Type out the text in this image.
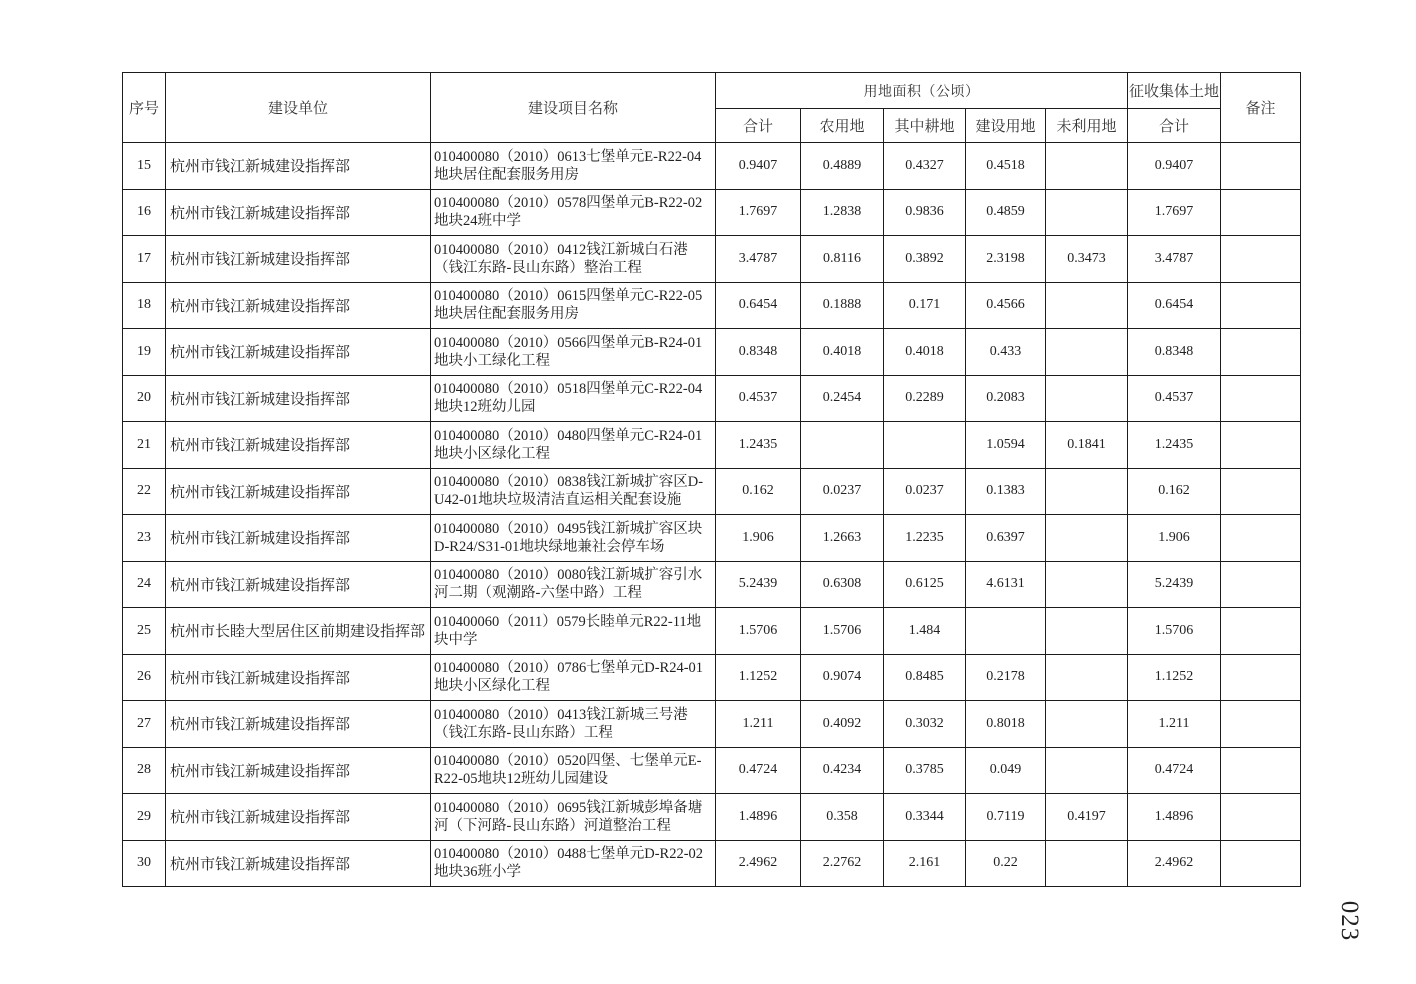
序号	建设单位	建设项目名称	用地面积（公顷）					征收集体土地	备注
			合计	农用地	其中耕地	建设用地	未利用地	合计	
15	杭州市钱江新城建设指挥部	010400080（2010）0613七堡单元E-R22-04地块居住配套服务用房	0.9407	0.4889	0.4327	0.4518		0.9407	
16	杭州市钱江新城建设指挥部	010400080（2010）0578四堡单元B-R22-02地块24班中学	1.7697	1.2838	0.9836	0.4859		1.7697	
17	杭州市钱江新城建设指挥部	010400080（2010）0412钱江新城白石港（钱江东路-艮山东路）整治工程	3.4787	0.8116	0.3892	2.3198	0.3473	3.4787	
18	杭州市钱江新城建设指挥部	010400080（2010）0615四堡单元C-R22-05地块居住配套服务用房	0.6454	0.1888	0.171	0.4566		0.6454	
19	杭州市钱江新城建设指挥部	010400080（2010）0566四堡单元B-R24-01地块小工绿化工程	0.8348	0.4018	0.4018	0.433		0.8348	
20	杭州市钱江新城建设指挥部	010400080（2010）0518四堡单元C-R22-04地块12班幼儿园	0.4537	0.2454	0.2289	0.2083		0.4537	
21	杭州市钱江新城建设指挥部	010400080（2010）0480四堡单元C-R24-01地块小区绿化工程	1.2435			1.0594	0.1841	1.2435	
22	杭州市钱江新城建设指挥部	010400080（2010）0838钱江新城扩容区D-U42-01地块垃圾清洁直运相关配套设施	0.162	0.0237	0.0237	0.1383		0.162	
23	杭州市钱江新城建设指挥部	010400080（2010）0495钱江新城扩容区块D-R24/S31-01地块绿地兼社会停车场	1.906	1.2663	1.2235	0.6397		1.906	
24	杭州市钱江新城建设指挥部	010400080（2010）0080钱江新城扩容引水河二期（观潮路-六堡中路）工程	5.2439	0.6308	0.6125	4.6131		5.2439	
25	杭州市长睦大型居住区前期建设指挥部	010400060（2011）0579长睦单元R22-11地块中学	1.5706	1.5706	1.484			1.5706	
26	杭州市钱江新城建设指挥部	010400080（2010）0786七堡单元D-R24-01地块小区绿化工程	1.1252	0.9074	0.8485	0.2178		1.1252	
27	杭州市钱江新城建设指挥部	010400080（2010）0413钱江新城三号港（钱江东路-艮山东路）工程	1.211	0.4092	0.3032	0.8018		1.211	
28	杭州市钱江新城建设指挥部	010400080（2010）0520四堡、七堡单元E-R22-05地块12班幼儿园建设	0.4724	0.4234	0.3785	0.049		0.4724	
29	杭州市钱江新城建设指挥部	010400080（2010）0695钱江新城彭埠备塘河（下河路-艮山东路）河道整治工程	1.4896	0.358	0.3344	0.7119	0.4197	1.4896	
30	杭州市钱江新城建设指挥部	010400080（2010）0488七堡单元D-R22-02地块36班小学	2.4962	2.2762	2.161	0.22		2.4962	
023
